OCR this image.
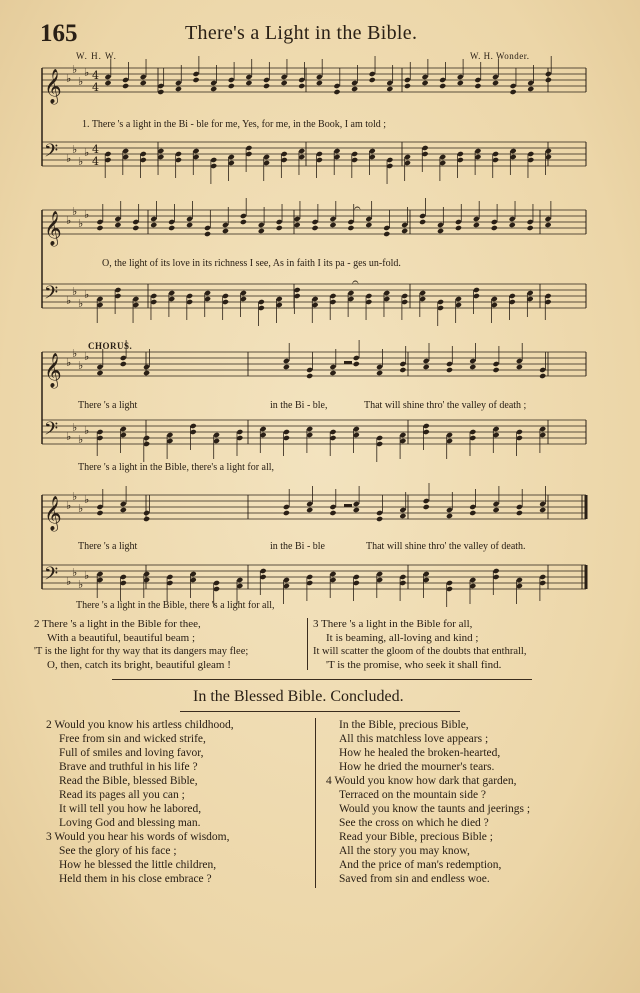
165	There's a Light in the Bible.
W. H. W.	W. H. Wonder.
𝄞 ♭
♭
♭
♭ 4
4
𝄢 ♭
♭
♭
♭ 4
4
𝄞 ♭
♭
♭
♭
𝄢 ♭
♭
♭
♭
𝄞 ♭
♭
♭
♭
𝄢 ♭
♭
♭
♭
𝄞 ♭
♭
♭
♭
𝄢 ♭
♭
♭
♭
𝄐
𝄐
CHORUS.
1. There 's a light in the Bi - ble for me, Yes, for me, in the Book, I am told ;
O, the light of its love in its richness I see, As in faith I its pa - ges un-fold.
There 's a light	in the Bi - ble,	That will shine thro' the valley of death ;
There 's a light in the Bible, there's a light for all,
There 's a light	in the Bi - ble	That will shine thro' the valley of death.
There 's a light in the Bible, there 's a light for all,
2 There 's a light in the Bible for thee,
With a beautiful, beautiful beam ;
'T is the light for thy way that its dangers may flee;
O, then, catch its bright, beautiful gleam !
3 There 's a light in the Bible for all,
It is beaming, all-loving and kind ;
It will scatter the gloom of the doubts that enthrall,
'T is the promise, who seek it shall find.
In the Blessed Bible. Concluded.
2 Would you know his artless childhood,
Free from sin and wicked strife,
Full of smiles and loving favor,
Brave and truthful in his life ?
Read the Bible, blessed Bible,
Read its pages all you can ;
It will tell you how he labored,
Loving God and blessing man.
3 Would you hear his words of wisdom,
See the glory of his face ;
How he blessed the little children,
Held them in his close embrace ?
In the Bible, precious Bible,
All this matchless love appears ;
How he healed the broken-hearted,
How he dried the mourner's tears.
4 Would you know how dark that garden,
Terraced on the mountain side ?
Would you know the taunts and jeerings ;
See the cross on which he died ?
Read your Bible, precious Bible ;
All the story you may know,
And the price of man's redemption,
Saved from sin and endless woe.
